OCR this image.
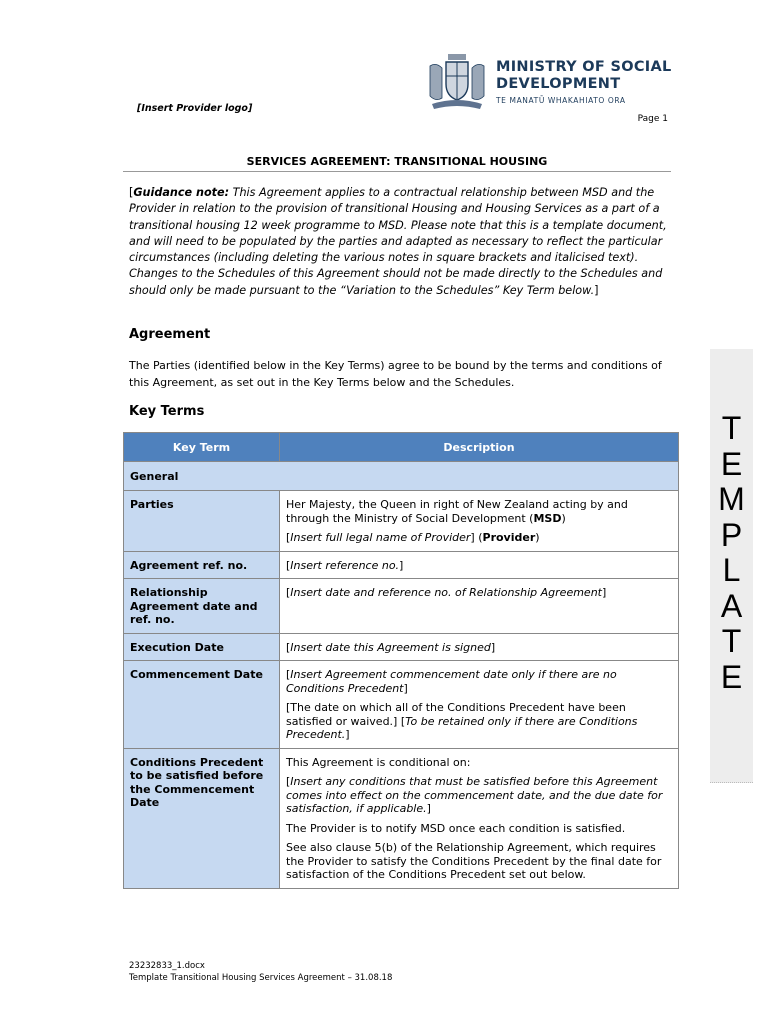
[Insert Provider logo]
MINISTRY OF SOCIAL
DEVELOPMENT
TE MANATŪ WHAKAHIATO ORA
Page 1
SERVICES AGREEMENT: TRANSITIONAL HOUSING
[Guidance note: This Agreement applies to a contractual relationship between MSD and the Provider in relation to the provision of transitional Housing and Housing Services as a part of a transitional housing 12 week programme to MSD. Please note that this is a template document, and will need to be populated by the parties and adapted as necessary to reflect the particular circumstances (including deleting the various notes in square brackets and italicised text). Changes to the Schedules of this Agreement should not be made directly to the Schedules and should only be made pursuant to the “Variation to the Schedules” Key Term below.]
Agreement
The Parties (identified below in the Key Terms) agree to be bound by the terms and conditions of this Agreement, as set out in the Key Terms below and the Schedules.
Key Terms
Key Term	Description
General	
Parties	Her Majesty, the Queen in right of New Zealand acting by and through the Ministry of Social Development (MSD)

[Insert full legal name of Provider] (Provider)

Agreement ref. no.	[Insert reference no.]
Relationship Agreement date and ref. no.	[Insert date and reference no. of Relationship Agreement]
Execution Date	[Insert date this Agreement is signed]
Commencement Date	[Insert Agreement commencement date only if there are no Conditions Precedent]

[The date on which all of the Conditions Precedent have been satisfied or waived.] [To be retained only if there are Conditions Precedent.]

Conditions Precedent to be satisfied before the Commencement Date	This Agreement is conditional on:

[Insert any conditions that must be satisfied before this Agreement comes into effect on the commencement date, and the due date for satisfaction, if applicable.]

The Provider is to notify MSD once each condition is satisfied.

See also clause 5(b) of the Relationship Agreement, which requires the Provider to satisfy the Conditions Precedent by the final date for satisfaction of the Conditions Precedent set out below.

T
E
M
P
L
A
T
E
23232833_1.docx
Template Transitional Housing Services Agreement – 31.08.18
